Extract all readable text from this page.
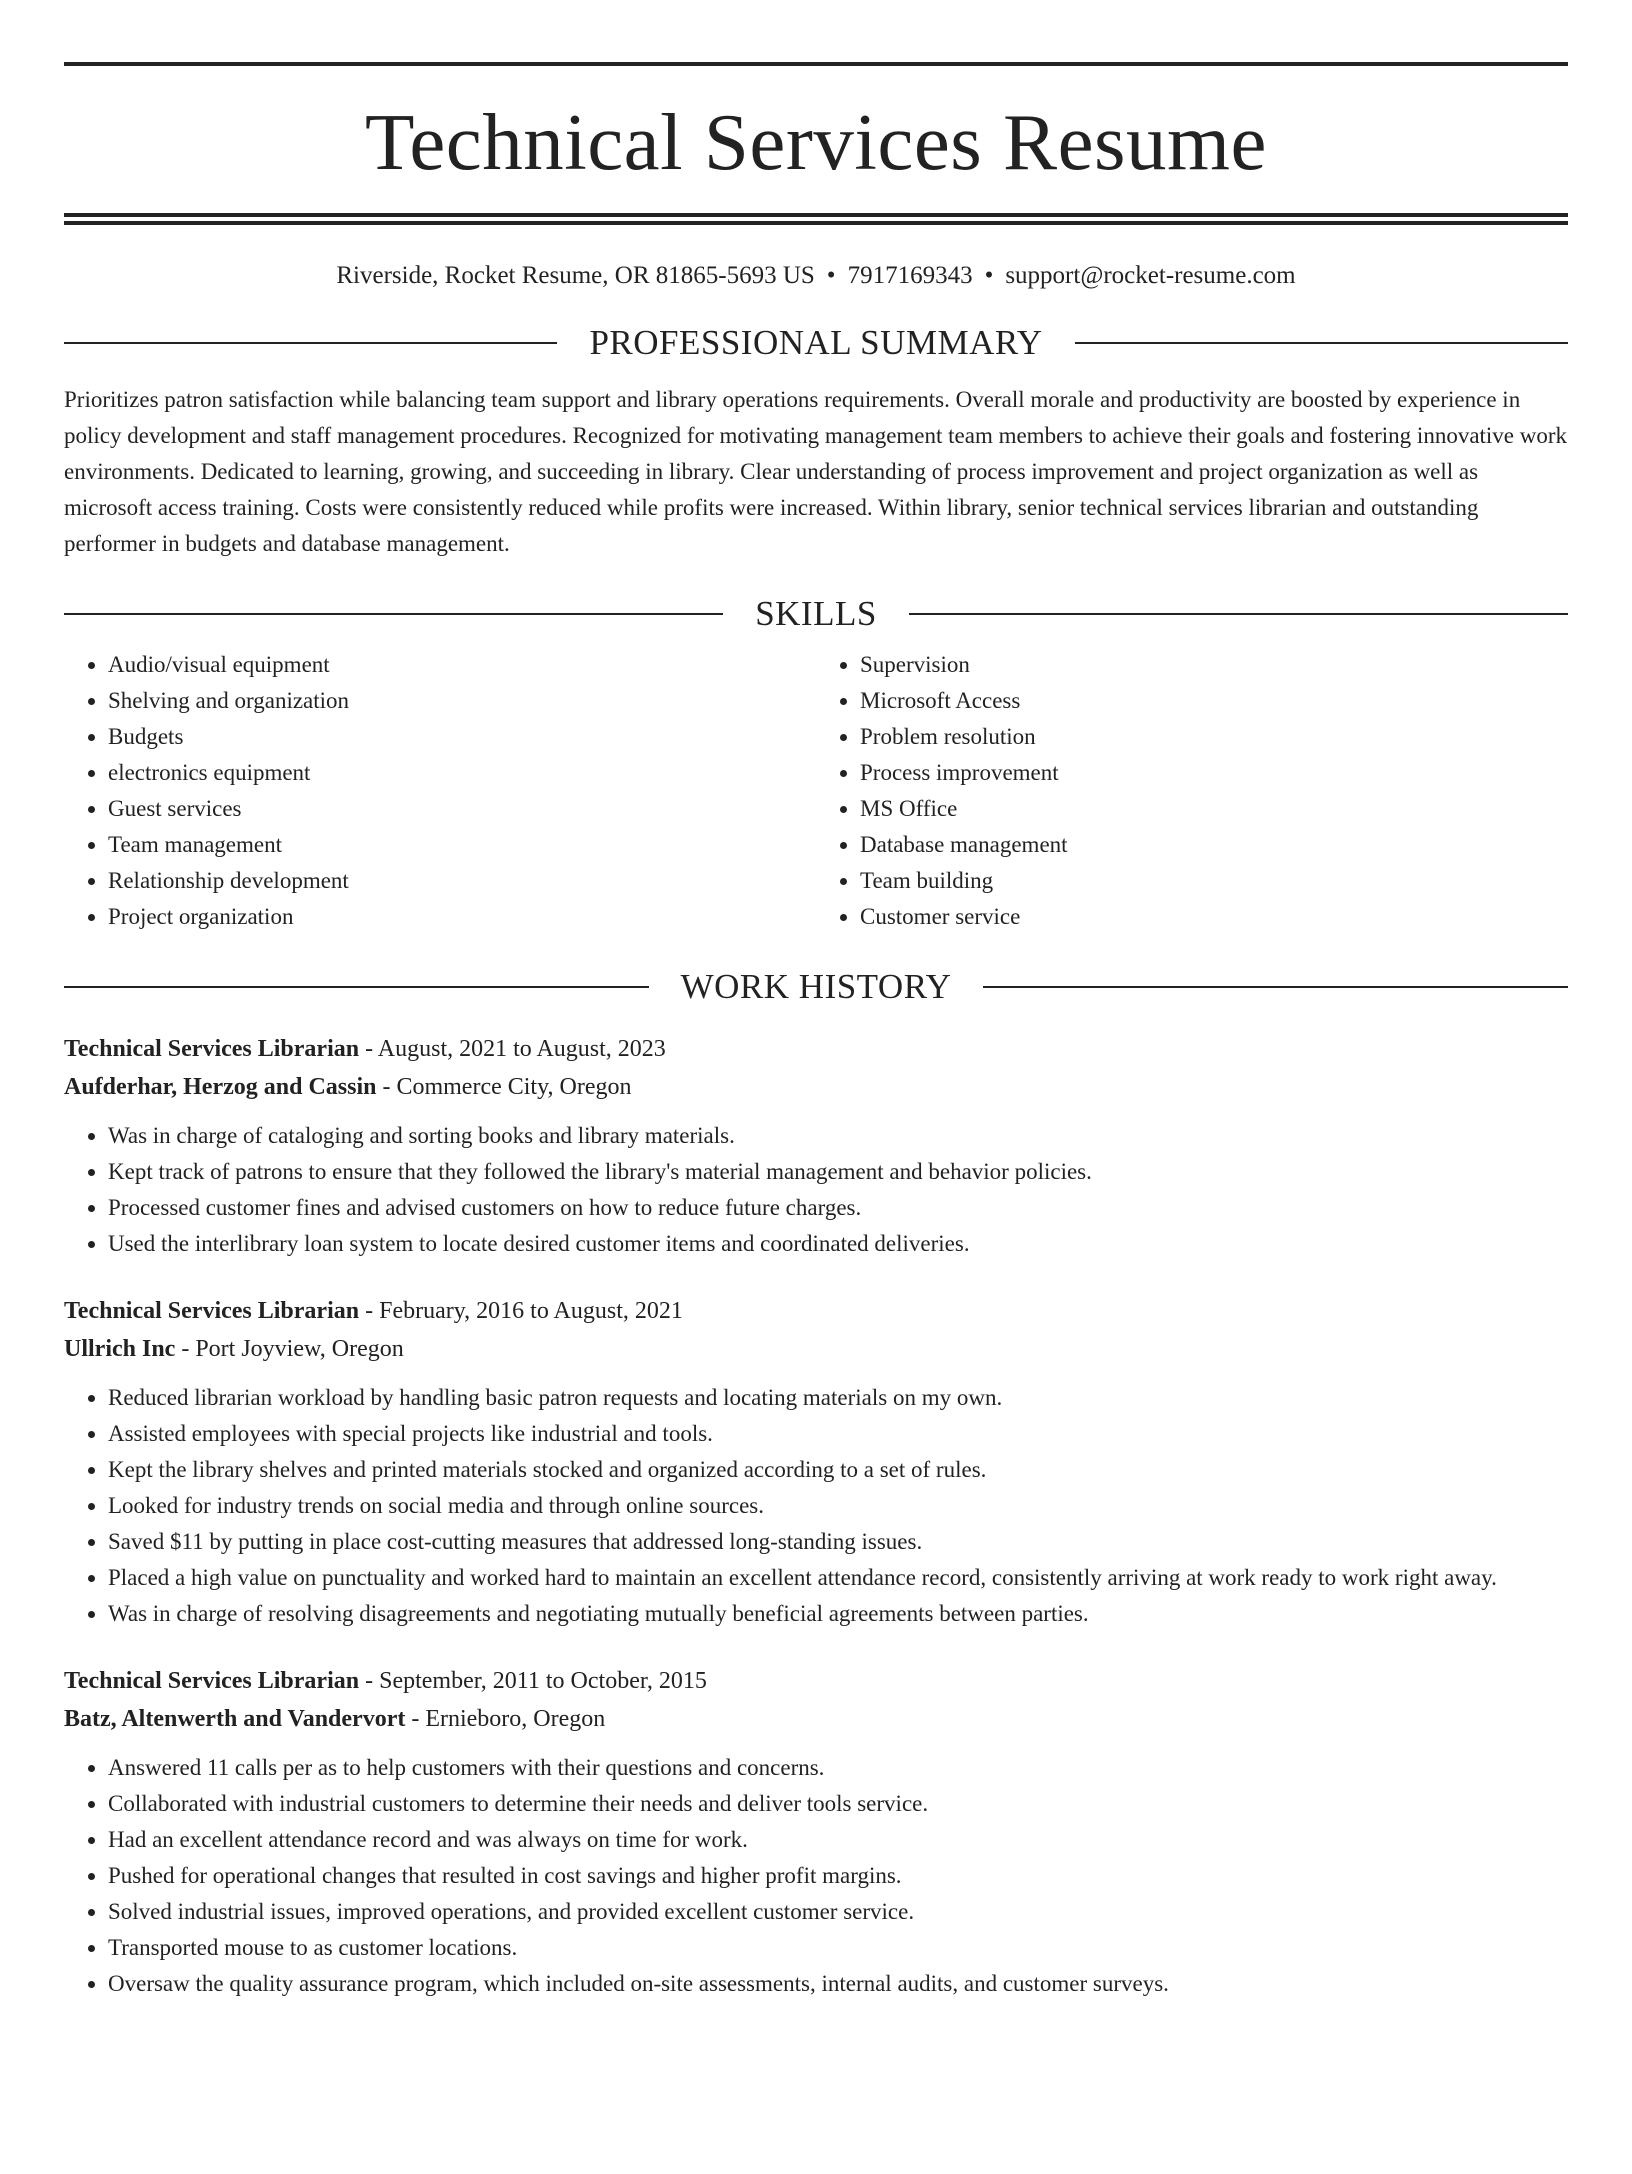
Technical Services Resume
Riverside, Rocket Resume, OR 81865-5693 US • 7917169343 • support@rocket-resume.com
PROFESSIONAL SUMMARY
Prioritizes patron satisfaction while balancing team support and library operations requirements. Overall morale and productivity are boosted by experience in policy development and staff management procedures. Recognized for motivating management team members to achieve their goals and fostering innovative work environments. Dedicated to learning, growing, and succeeding in library. Clear understanding of process improvement and project organization as well as microsoft access training. Costs were consistently reduced while profits were increased. Within library, senior technical services librarian and outstanding performer in budgets and database management.
SKILLS
• Audio/visual equipment
• Shelving and organization
• Budgets
• electronics equipment
• Guest services
• Team management
• Relationship development
• Project organization
• Supervision
• Microsoft Access
• Problem resolution
• Process improvement
• MS Office
• Database management
• Team building
• Customer service
WORK HISTORY
Technical Services Librarian - August, 2021 to August, 2023
Aufderhar, Herzog and Cassin - Commerce City, Oregon
• Was in charge of cataloging and sorting books and library materials.
• Kept track of patrons to ensure that they followed the library's material management and behavior policies.
• Processed customer fines and advised customers on how to reduce future charges.
• Used the interlibrary loan system to locate desired customer items and coordinated deliveries.
Technical Services Librarian - February, 2016 to August, 2021
Ullrich Inc - Port Joyview, Oregon
• Reduced librarian workload by handling basic patron requests and locating materials on my own.
• Assisted employees with special projects like industrial and tools.
• Kept the library shelves and printed materials stocked and organized according to a set of rules.
• Looked for industry trends on social media and through online sources.
• Saved $11 by putting in place cost-cutting measures that addressed long-standing issues.
• Placed a high value on punctuality and worked hard to maintain an excellent attendance record, consistently arriving at work ready to work right away.
• Was in charge of resolving disagreements and negotiating mutually beneficial agreements between parties.
Technical Services Librarian - September, 2011 to October, 2015
Batz, Altenwerth and Vandervort - Ernieboro, Oregon
• Answered 11 calls per as to help customers with their questions and concerns.
• Collaborated with industrial customers to determine their needs and deliver tools service.
• Had an excellent attendance record and was always on time for work.
• Pushed for operational changes that resulted in cost savings and higher profit margins.
• Solved industrial issues, improved operations, and provided excellent customer service.
• Transported mouse to as customer locations.
• Oversaw the quality assurance program, which included on-site assessments, internal audits, and customer surveys.
